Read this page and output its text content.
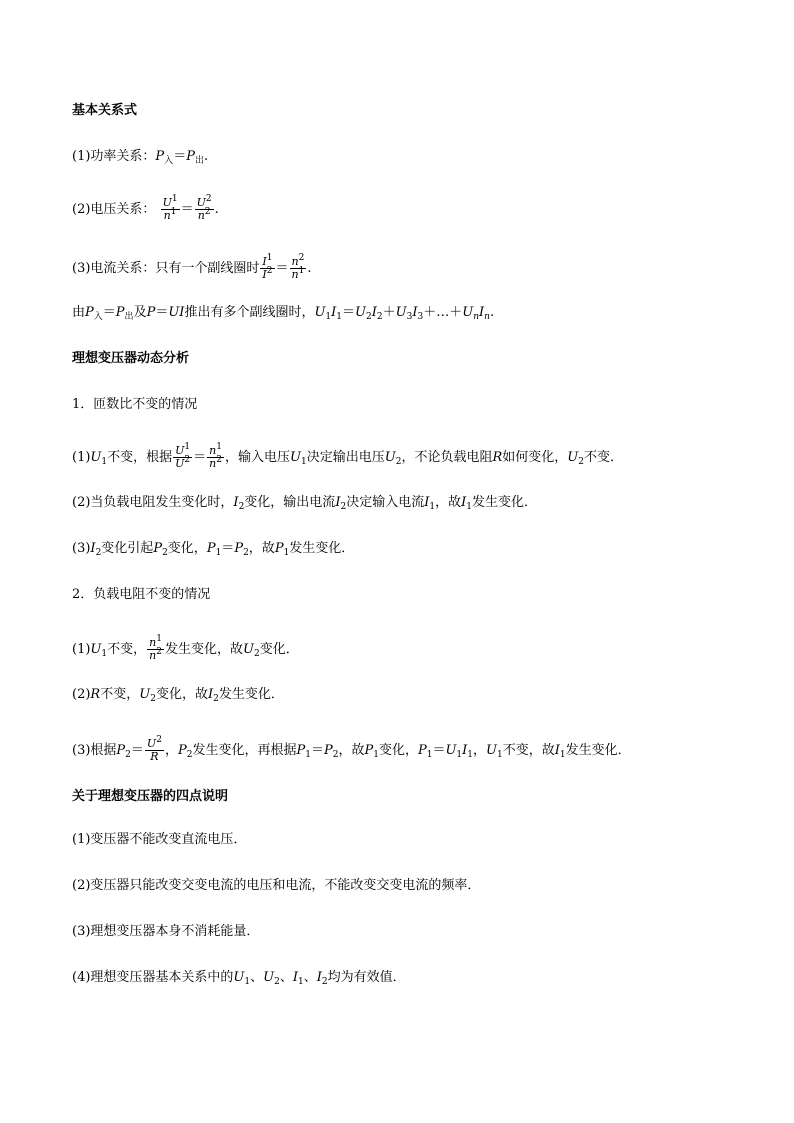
基本关系式
(1)功率关系：$P_入=P_出$.
(2)电压关系： $\frac{U^1}{n^1} = \frac{U^2}{n^2}$ .
(3)电流关系：只有一个副线圈时 $\frac{I^1}{I^2} = \frac{n^2}{n^1}$ .
由$P_入=P_出$及P＝UI推出有多个副线圈时，$U_1I_1=U_2I_2+U_3I_3+\dots+U_nI_n$.
理想变压器动态分析
1．匝数比不变的情况
$(1)U_1$不变，根据 $\frac{U^1}{U^2} = \frac{n^1}{n^2}$ ，输入电压$U_1$决定输出电压$U_2$，不论负载电阻R如何变化，$U_2$不变．
(2)当负载电阻发生变化时，$I_2$变化，输出电流$I_2$决定输入电流$I_1$，故$I_1$发生变化．
$(3)I_2$变化引起$P_2$变化，$P_1=P_2$，故$P_1$发生变化．
2．负载电阻不变的情况
$(1)U_1$不变， $\frac{n^1}{n^2}$ 发生变化，故$U_2$变化．
(2)R不变，$U_2$变化，故$I_2$发生变化．
(3)根据$P_2= \frac{U^2}{R}$ ，$P_2$发生变化，再根据$P_1=P_2$，故$P_1$变化，$P_1=U_1I_1$，$U_1$不变，故$I_1$发生变化．
关于理想变压器的四点说明
(1)变压器不能改变直流电压．
(2)变压器只能改变交变电流的电压和电流，不能改变交变电流的频率．
(3)理想变压器本身不消耗能量．
(4)理想变压器基本关系中的$U_1$、$U_2$、$I_1$、$I_2$均为有效值．
